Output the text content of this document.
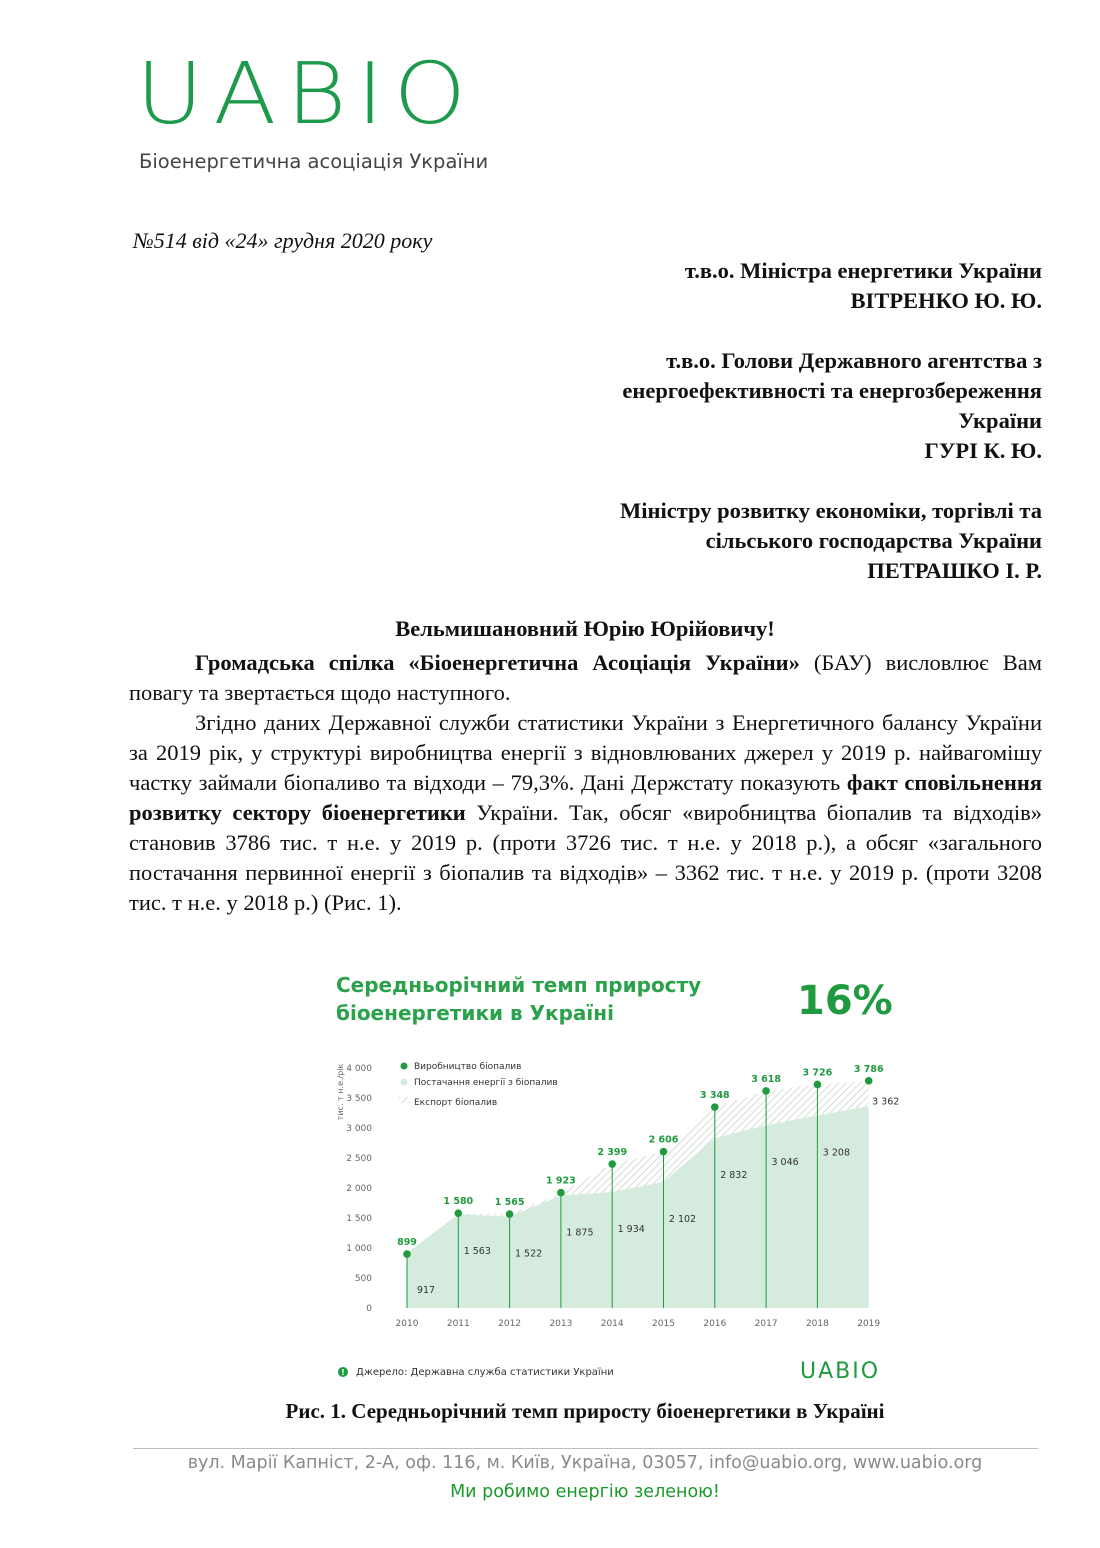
UABIO
Біоенергетична асоціація України
№514 від «24» грудня 2020 року
т.в.о. Міністра енергетики України
ВІТРЕНКО Ю. Ю.
т.в.о. Голови Державного агентства з
енергоефективності та енергозбереження
України
ГУРІ К. Ю.
Міністру розвитку економіки, торгівлі та
сільського господарства України
ПЕТРАШКО І. Р.
Вельмишановний Юрію Юрійовичу!

Громадська спілка «Біоенергетична Асоціація України» (БАУ) висловлює Вам повагу та звертається щодо наступного.

Згідно даних Державної служби статистики України з Енергетичного балансу України за 2019 рік, у структурі виробництва енергії з відновлюваних джерел у 2019 р. найвагомішу частку займали біопаливо та відходи – 79,3%. Дані Держстату показують факт сповільнення розвитку сектору біоенергетики України. Так, обсяг «виробництва біопалив та відходів» становив 3786 тис. т н.е. у 2019 р. (проти 3726 тис. т н.е. у 2018 р.), а обсяг «загального постачання первинної енергії з біопалив та відходів» – 3362 тис. т н.е. у 2019 р. (проти 3208 тис. т н.е. у 2018 р.) (Рис. 1).

Середньорічний темп приросту
біоенергетики в Україні	16%
тис. т н.е./рік	Виробництво біопалив
Постачання енергії з біопалив
Експорт біопалив
0
500
1 000
1 500
2 000
2 500
3 000
3 500
4 000
899
917
2010
1 580
1 563
2011
1 565
1 522
2012
1 923
1 875
2013
2 399
1 934
2014
2 606
2 102
2015
3 348
2 832
2016
3 618
3 046
2017
3 726
3 208
2018
3 786
3 362
2019
! Джерело: Державна служба статистики України	UABIO
Рис. 1. Середньорічний темп приросту біоенергетики в Україні
вул. Марії Капніст, 2-А, оф. 116, м. Київ, Україна, 03057, info@uabio.org, www.uabio.org
Ми робимо енергію зеленою!
